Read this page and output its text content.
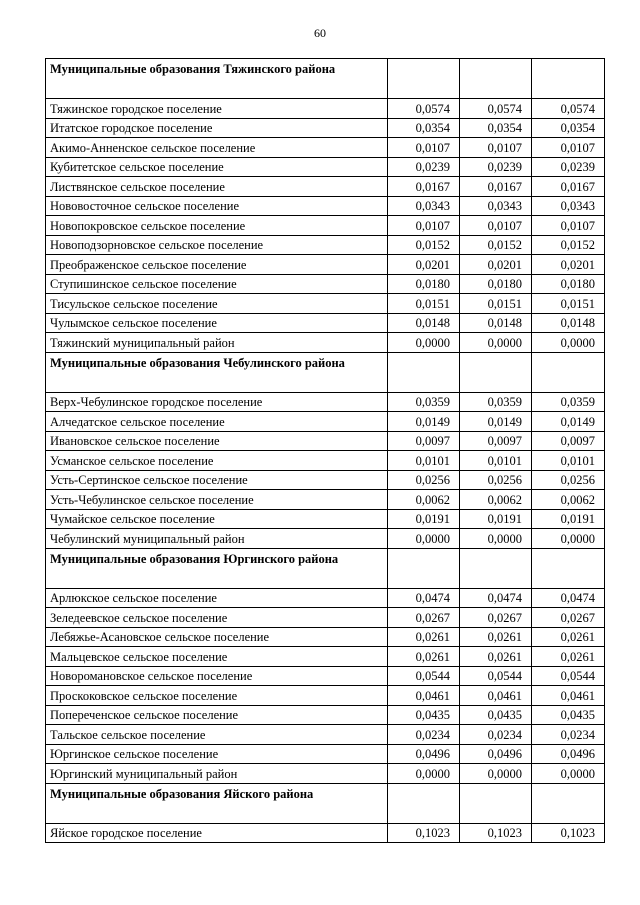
60
Муниципальные образования Тяжинского района			
Тяжинское городское поселение	0,0574	0,0574	0,0574
Итатское городское поселение	0,0354	0,0354	0,0354
Акимо-Анненское сельское поселение	0,0107	0,0107	0,0107
Кубитетское сельское поселение	0,0239	0,0239	0,0239
Листвянское сельское поселение	0,0167	0,0167	0,0167
Нововосточное сельское поселение	0,0343	0,0343	0,0343
Новопокровское сельское поселение	0,0107	0,0107	0,0107
Новоподзорновское сельское поселение	0,0152	0,0152	0,0152
Преображенское сельское поселение	0,0201	0,0201	0,0201
Ступишинское сельское поселение	0,0180	0,0180	0,0180
Тисульское сельское поселение	0,0151	0,0151	0,0151
Чулымское сельское поселение	0,0148	0,0148	0,0148
Тяжинский муниципальный район	0,0000	0,0000	0,0000
Муниципальные образования Чебулинского района			
Верх-Чебулинское городское поселение	0,0359	0,0359	0,0359
Алчедатское сельское поселение	0,0149	0,0149	0,0149
Ивановское сельское поселение	0,0097	0,0097	0,0097
Усманское сельское поселение	0,0101	0,0101	0,0101
Усть-Сертинское сельское поселение	0,0256	0,0256	0,0256
Усть-Чебулинское сельское поселение	0,0062	0,0062	0,0062
Чумайское сельское поселение	0,0191	0,0191	0,0191
Чебулинский муниципальный район	0,0000	0,0000	0,0000
Муниципальные образования Юргинского района			
Арлюкское сельское поселение	0,0474	0,0474	0,0474
Зеледеевское сельское поселение	0,0267	0,0267	0,0267
Лебяжье-Асановское сельское поселение	0,0261	0,0261	0,0261
Мальцевское сельское поселение	0,0261	0,0261	0,0261
Новоромановское сельское поселение	0,0544	0,0544	0,0544
Проскоковское сельское поселение	0,0461	0,0461	0,0461
Попереченское сельское поселение	0,0435	0,0435	0,0435
Тальское сельское поселение	0,0234	0,0234	0,0234
Юргинское сельское поселение	0,0496	0,0496	0,0496
Юргинский муниципальный район	0,0000	0,0000	0,0000
Муниципальные образования Яйского района			
Яйское городское поселение	0,1023	0,1023	0,1023
